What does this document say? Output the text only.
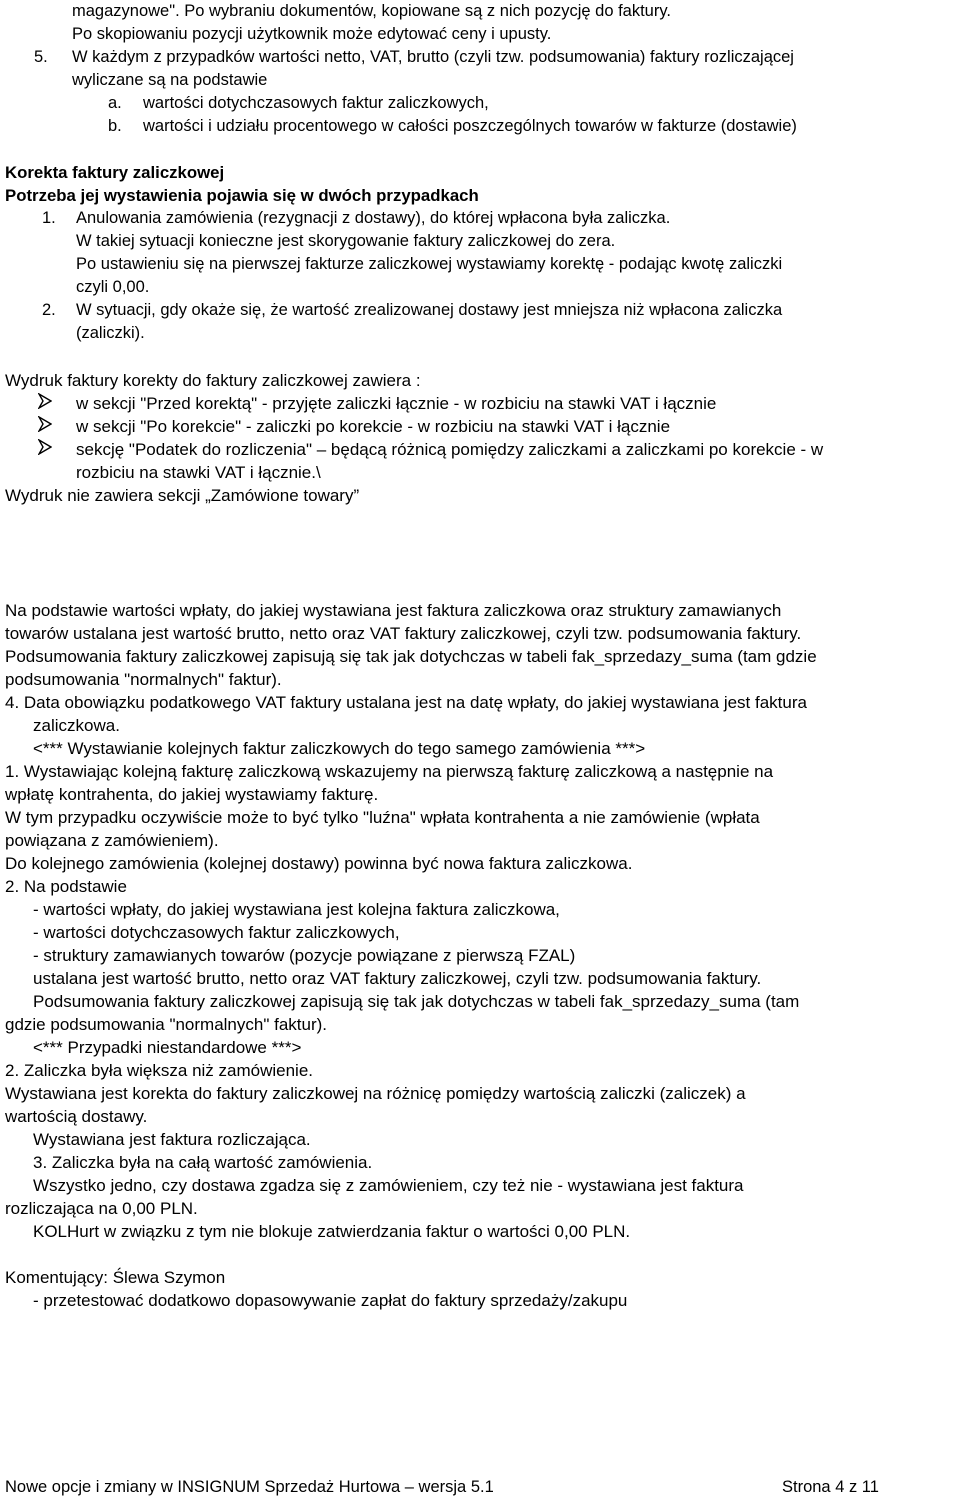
magazynowe". Po wybraniu dokumentów, kopiowane są z nich pozycję do faktury.
Po skopiowaniu pozycji użytkownik może edytować ceny i upusty.
5. W każdym z przypadków wartości netto, VAT, brutto (czyli tzw. podsumowania) faktury rozliczającej
wyliczane są na podstawie
a. wartości dotychczasowych faktur zaliczkowych,
b. wartości i udziału procentowego w całości poszczególnych towarów w fakturze (dostawie)
Korekta faktury zaliczkowej
Potrzeba jej wystawienia pojawia się w dwóch przypadkach
1. Anulowania zamówienia (rezygnacji z dostawy), do której wpłacona była zaliczka.
W takiej sytuacji konieczne jest skorygowanie faktury zaliczkowej do zera.
Po ustawieniu się na pierwszej fakturze zaliczkowej wystawiamy korektę - podając kwotę zaliczki
czyli 0,00.
2. W sytuacji, gdy okaże się, że wartość zrealizowanej dostawy jest mniejsza niż wpłacona zaliczka
(zaliczki).
Wydruk faktury korekty do faktury zaliczkowej zawiera :
w sekcji "Przed korektą" - przyjęte zaliczki łącznie - w rozbiciu na stawki VAT i łącznie
w sekcji "Po korekcie" - zaliczki po korekcie - w rozbiciu na stawki VAT i łącznie
sekcję "Podatek do rozliczenia" – będącą różnicą pomiędzy zaliczkami a zaliczkami po korekcie - w
rozbiciu na stawki VAT i łącznie.\
Wydruk nie zawiera sekcji „Zamówione towary”
Na podstawie wartości wpłaty, do jakiej wystawiana jest faktura zaliczkowa oraz struktury zamawianych
towarów ustalana jest wartość brutto, netto oraz VAT faktury zaliczkowej, czyli tzw. podsumowania faktury.
Podsumowania faktury zaliczkowej zapisują się tak jak dotychczas w tabeli fak_sprzedazy_suma (tam gdzie
podsumowania "normalnych" faktur).
4. Data obowiązku podatkowego VAT faktury ustalana jest na datę wpłaty, do jakiej wystawiana jest faktura
zaliczkowa.
<*** Wystawianie kolejnych faktur zaliczkowych do tego samego zamówienia ***>
1. Wystawiając kolejną fakturę zaliczkową wskazujemy na pierwszą fakturę zaliczkową a następnie na
wpłatę kontrahenta, do jakiej wystawiamy fakturę.
W tym przypadku oczywiście może to być tylko "luźna" wpłata kontrahenta a nie zamówienie (wpłata
powiązana z zamówieniem).
Do kolejnego zamówienia (kolejnej dostawy) powinna być nowa faktura zaliczkowa.
2. Na podstawie
- wartości wpłaty, do jakiej wystawiana jest kolejna faktura zaliczkowa,
- wartości dotychczasowych faktur zaliczkowych,
- struktury zamawianych towarów (pozycje powiązane z pierwszą FZAL)
ustalana jest wartość brutto, netto oraz VAT faktury zaliczkowej, czyli tzw. podsumowania faktury.
Podsumowania faktury zaliczkowej zapisują się tak jak dotychczas w tabeli fak_sprzedazy_suma (tam
gdzie podsumowania "normalnych" faktur).
<*** Przypadki niestandardowe ***>
2. Zaliczka była większa niż zamówienie.
Wystawiana jest korekta do faktury zaliczkowej na różnicę pomiędzy wartością zaliczki (zaliczek) a
wartością dostawy.
Wystawiana jest faktura rozliczająca.
3. Zaliczka była na całą wartość zamówienia.
Wszystko jedno, czy dostawa zgadza się z zamówieniem, czy też nie - wystawiana jest faktura
rozliczająca na 0,00 PLN.
KOLHurt w związku z tym nie blokuje zatwierdzania faktur o wartości 0,00 PLN.
Komentujący: Ślewa Szymon
- przetestować dodatkowo dopasowywanie zapłat do faktury sprzedaży/zakupu
Nowe opcje i zmiany w INSIGNUM Sprzedaż Hurtowa – wersja 5.1	Strona 4 z 11
